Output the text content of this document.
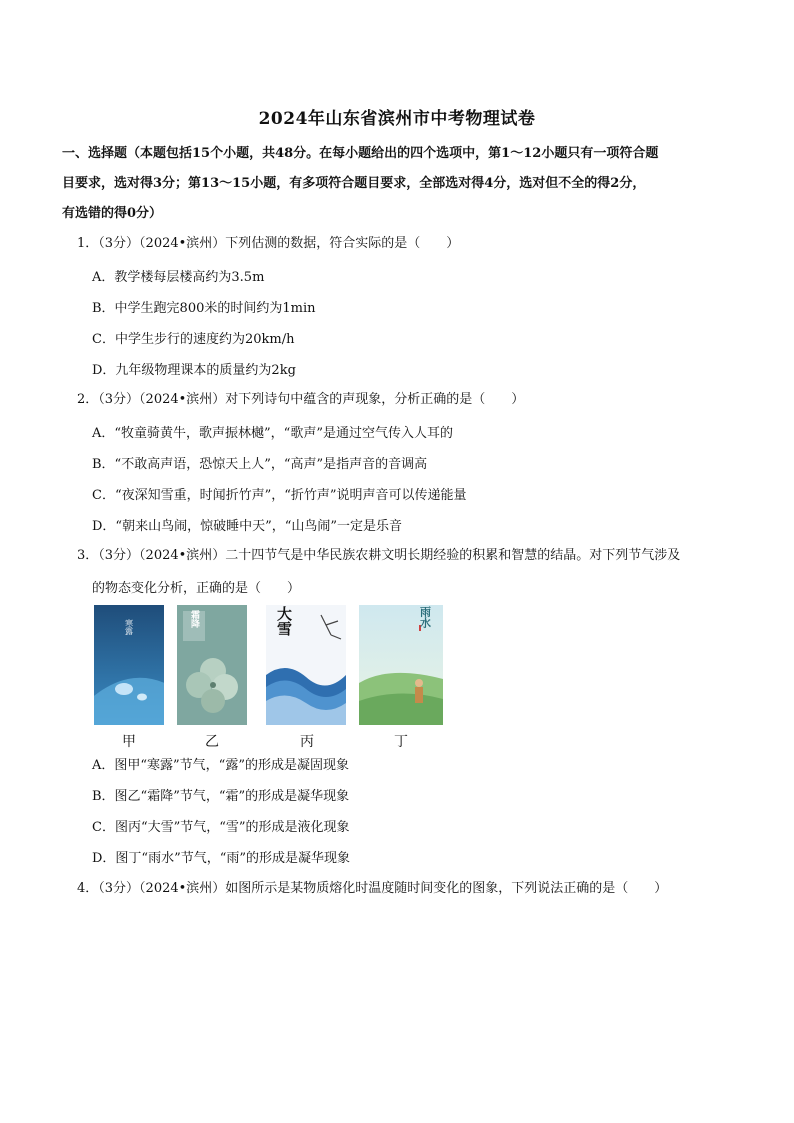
2024年山东省滨州市中考物理试卷
一、选择题（本题包括15个小题，共48分。在每小题给出的四个选项中，第1～12小题只有一项符合题
目要求，选对得3分；第13～15小题，有多项符合题目要求，全部选对得4分，选对但不全的得2分，
有选错的得0分）
1．（3分）（2024•滨州）下列估测的数据，符合实际的是（　　）
A．教学楼每层楼高约为3.5m
B．中学生跑完800米的时间约为1min
C．中学生步行的速度约为20km/h
D．九年级物理课本的质量约为2kg
2．（3分）（2024•滨州）对下列诗句中蕴含的声现象，分析正确的是（　　）
A．“牧童骑黄牛，歌声振林樾”，“歌声”是通过空气传入人耳的
B．“不敢高声语，恐惊天上人”，“高声”是指声音的音调高
C．“夜深知雪重，时闻折竹声”，“折竹声”说明声音可以传递能量
D．“朝来山鸟闹，惊破睡中天”，“山鸟闹”一定是乐音
3．（3分）（2024•滨州）二十四节气是中华民族农耕文明长期经验的积累和智慧的结晶。对下列节气涉及
的物态变化分析，正确的是（　　）
寒露
甲
霜降
乙
大雪
丙
雨水
丁
A．图甲“寒露”节气，“露”的形成是凝固现象
B．图乙“霜降”节气，“霜”的形成是凝华现象
C．图丙“大雪”节气，“雪”的形成是液化现象
D．图丁“雨水”节气，“雨”的形成是凝华现象
4．（3分）（2024•滨州）如图所示是某物质熔化时温度随时间变化的图象，下列说法正确的是（　　）
